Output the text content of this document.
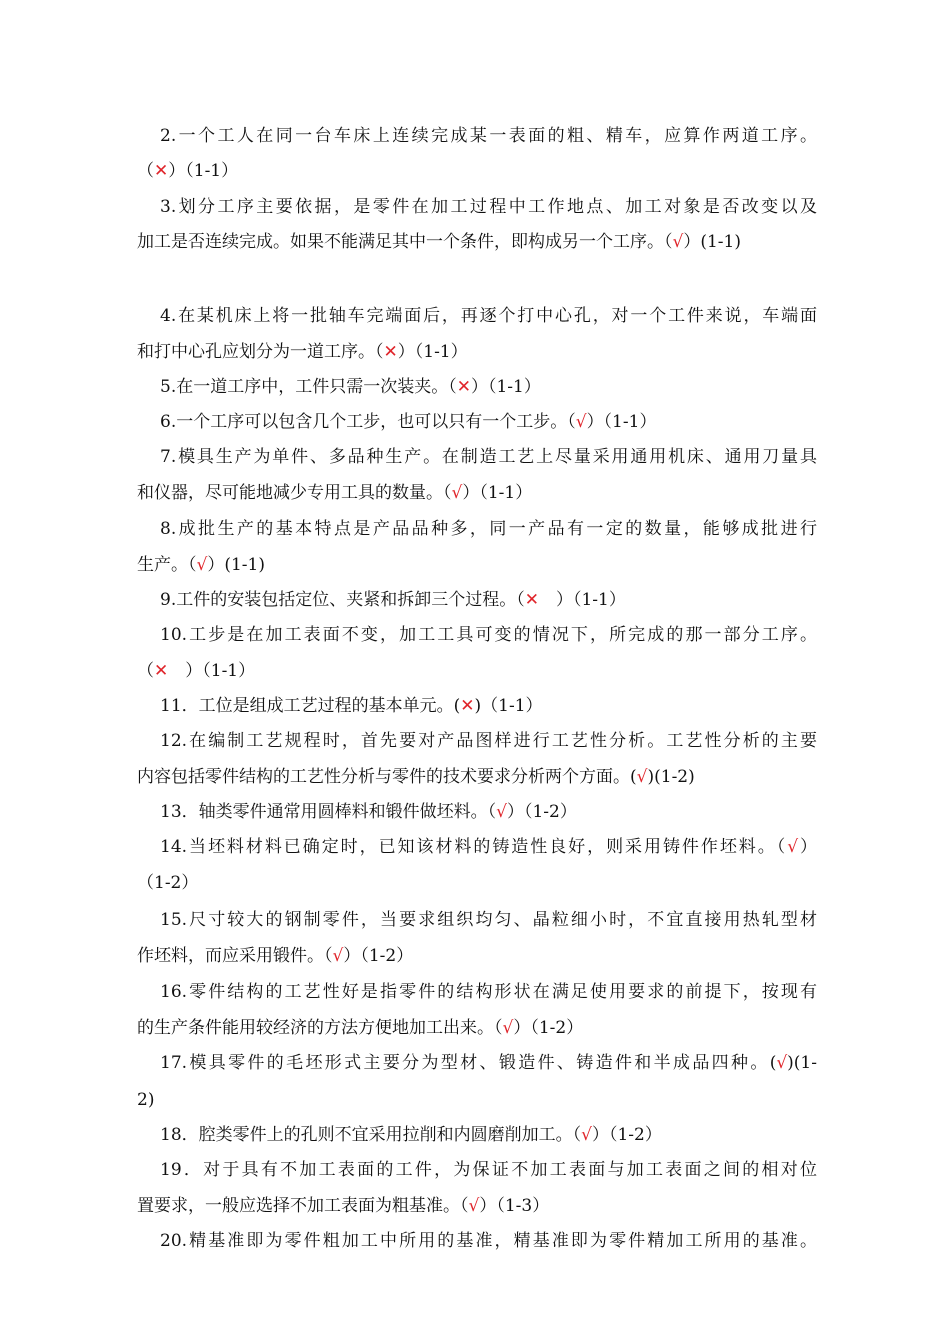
2.一个工人在同一台车床上连续完成某一表面的粗、精车，应算作两道工序。
（✕）（1-1）
3.划分工序主要依据，是零件在加工过程中工作地点、加工对象是否改变以及
加工是否连续完成。如果不能满足其中一个条件，即构成另一个工序。（√）(1-1)
4.在某机床上将一批轴车完端面后，再逐个打中心孔，对一个工件来说，车端面
和打中心孔应划分为一道工序。（✕）（1-1）
5.在一道工序中，工件只需一次装夹。（✕）（1-1）
6.一个工序可以包含几个工步，也可以只有一个工步。（√）（1-1）
7.模具生产为单件、多品种生产。在制造工艺上尽量采用通用机床、通用刀量具
和仪器，尽可能地减少专用工具的数量。（√）（1-1）
8.成批生产的基本特点是产品品种多，同一产品有一定的数量，能够成批进行
生产。（√）(1-1)
9.工件的安装包括定位、夹紧和拆卸三个过程。（✕　）（1-1）
10.工步是在加工表面不变，加工工具可变的情况下，所完成的那一部分工序。
（✕　）（1-1）
11．工位是组成工艺过程的基本单元。(✕)（1-1）
12.在编制工艺规程时，首先要对产品图样进行工艺性分析。工艺性分析的主要
内容包括零件结构的工艺性分析与零件的技术要求分析两个方面。(√)(1-2)
13．轴类零件通常用圆棒料和锻件做坯料。（√）（1-2）
14.当坯料材料已确定时，已知该材料的铸造性良好，则采用铸件作坯料。（√）
（1-2）
15.尺寸较大的钢制零件，当要求组织均匀、晶粒细小时，不宜直接用热轧型材
作坯料，而应采用锻件。（√）（1-2）
16.零件结构的工艺性好是指零件的结构形状在满足使用要求的前提下，按现有
的生产条件能用较经济的方法方便地加工出来。（√）（1-2）
17.模具零件的毛坯形式主要分为型材、锻造件、铸造件和半成品四种。(√)(1-
2)
18．腔类零件上的孔则不宜采用拉削和内圆磨削加工。（√）（1-2）
19．对于具有不加工表面的工件，为保证不加工表面与加工表面之间的相对位
置要求，一般应选择不加工表面为粗基准。（√）（1-3）
20.精基准即为零件粗加工中所用的基准，精基准即为零件精加工所用的基准。
